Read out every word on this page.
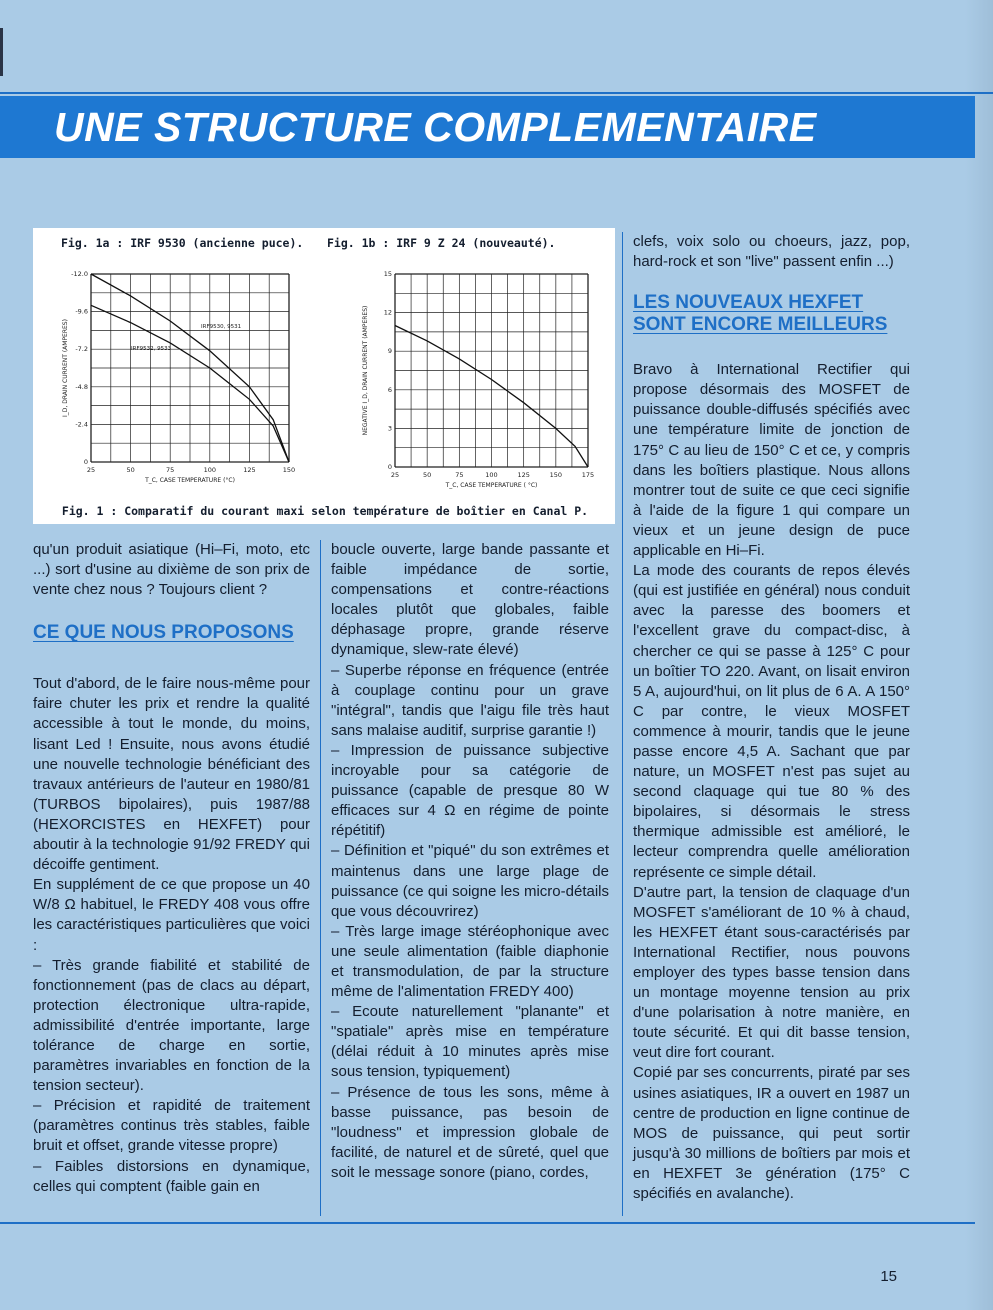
UNE STRUCTURE COMPLEMENTAIRE
Fig. 1a : IRF 9530 (ancienne puce).	Fig. 1b : IRF 9 Z 24 (nouveauté).
25	50	75	100	125	150
0
-2.4
-4.8
-7.2
-9.6
-12.0
T_C, CASE TEMPERATURE (°C)
I_D, DRAIN CURRENT (AMPERES)	IRF9530, 9531
IRF9532, 9533
25	50	75	100	125	150	175
0
3
6
9
12
15
T_C, CASE TEMPERATURE ( °C)
NEGATIVE I_D, DRAIN CURRENT (AMPERES)
Fig. 1 : Comparatif du courant maxi selon température de boîtier en Canal P.

qu'un produit asiatique (Hi–Fi, moto, etc ...) sort d'usine au dixième de son prix de vente chez nous ? Toujours client ?

CE QUE NOUS PROPOSONS

Tout d'abord, de le faire nous-même pour faire chuter les prix et rendre la qualité accessible à tout le monde, du moins, lisant Led ! Ensuite, nous avons étudié une nouvelle technologie bénéficiant des travaux antérieurs de l'auteur en 1980/81 (TURBOS bipolaires), puis 1987/88 (HEXORCISTES en HEXFET) pour aboutir à la technologie 91/92 FREDY qui décoiffe gentiment.

En supplément de ce que propose un 40 W/8 Ω habituel, le FREDY 408 vous offre les caractéristiques particulières que voici :

– Très grande fiabilité et stabilité de fonctionnement (pas de clacs au départ, protection électronique ultra-rapide, admissibilité d'entrée importante, large tolérance de charge en sortie, paramètres invariables en fonction de la tension secteur).

– Précision et rapidité de traitement (paramètres continus très stables, faible bruit et offset, grande vitesse propre)

– Faibles distorsions en dynamique, celles qui comptent (faible gain en

boucle ouverte, large bande passante et faible impédance de sortie, compensations et contre-réactions locales plutôt que globales, faible déphasage propre, grande réserve dynamique, slew-rate élevé)

– Superbe réponse en fréquence (entrée à couplage continu pour un grave "intégral", tandis que l'aigu file très haut sans malaise auditif, surprise garantie !)

– Impression de puissance subjective incroyable pour sa catégorie de puissance (capable de presque 80 W efficaces sur 4 Ω en régime de pointe répétitif)

– Définition et "piqué" du son extrêmes et maintenus dans une large plage de puissance (ce qui soigne les micro-détails que vous découvrirez)

– Très large image stéréophonique avec une seule alimentation (faible diaphonie et transmodulation, de par la structure même de l'alimentation FREDY 400)

– Ecoute naturellement "planante" et "spatiale" après mise en température (délai réduit à 10 minutes après mise sous tension, typiquement)

– Présence de tous les sons, même à basse puissance, pas besoin de "loudness" et impression globale de facilité, de naturel et de sûreté, quel que soit le message sonore (piano, cordes,

clefs, voix solo ou choeurs, jazz, pop, hard-rock et son "live" passent enfin ...)

LES NOUVEAUX HEXFET
SONT ENCORE MEILLEURS

Bravo à International Rectifier qui propose désormais des MOSFET de puissance double-diffusés spécifiés avec une température limite de jonction de 175° C au lieu de 150° C et ce, y compris dans les boîtiers plastique. Nous allons montrer tout de suite ce que ceci signifie à l'aide de la figure 1 qui compare un vieux et un jeune design de puce applicable en Hi–Fi.

La mode des courants de repos élevés (qui est justifiée en général) nous conduit avec la paresse des boomers et l'excellent grave du compact-disc, à chercher ce qui se passe à 125° C pour un boîtier TO 220. Avant, on lisait environ 5 A, aujourd'hui, on lit plus de 6 A. A 150° C par contre, le vieux MOSFET commence à mourir, tandis que le jeune passe encore 4,5 A. Sachant que par nature, un MOSFET n'est pas sujet au second claquage qui tue 80 % des bipolaires, si désormais le stress thermique admissible est amélioré, le lecteur comprendra quelle amélioration représente ce simple détail.

D'autre part, la tension de claquage d'un MOSFET s'améliorant de 10 % à chaud, les HEXFET étant sous-caractérisés par International Rectifier, nous pouvons employer des types basse tension dans un montage moyenne tension au prix d'une polarisation à notre manière, en toute sécurité. Et qui dit basse tension, veut dire fort courant.

Copié par ses concurrents, piraté par ses usines asiatiques, IR a ouvert en 1987 un centre de production en ligne continue de MOS de puissance, qui peut sortir jusqu'à 30 millions de boîtiers par mois et en HEXFET 3e génération (175° C spécifiés en avalanche).

15
